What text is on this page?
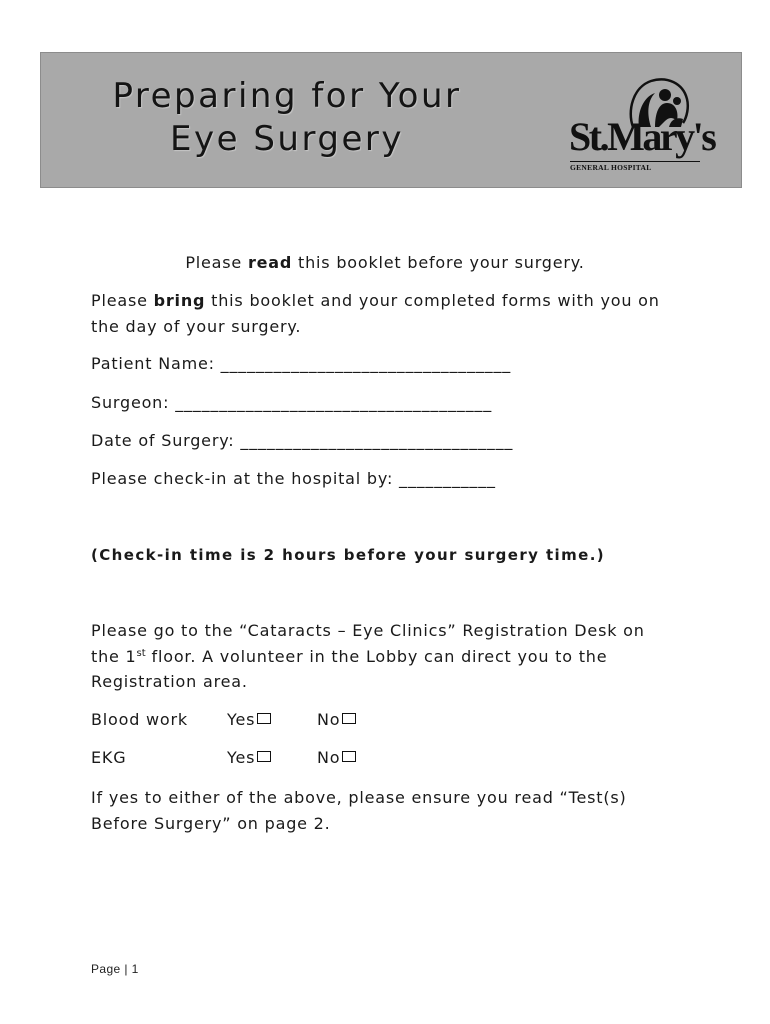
Preparing for Your
Eye Surgery	St.Mary's
GENERAL HOSPITAL
Please read this booklet before your surgery.
Please bring this booklet and your completed forms with you on
the day of your surgery.
Patient Name: _________________________________
Surgeon: ____________________________________
Date of Surgery: _______________________________
Please check-in at the hospital by: ___________
(Check-in time is 2 hours before your surgery time.)
Please go to the “Cataracts – Eye Clinics” Registration Desk on
the 1st floor. A volunteer in the Lobby can direct you to the
Registration area.
Blood work Yes	No
EKG	Yes	No
If yes to either of the above, please ensure you read “Test(s)
Before Surgery” on page 2.
Page | 1
